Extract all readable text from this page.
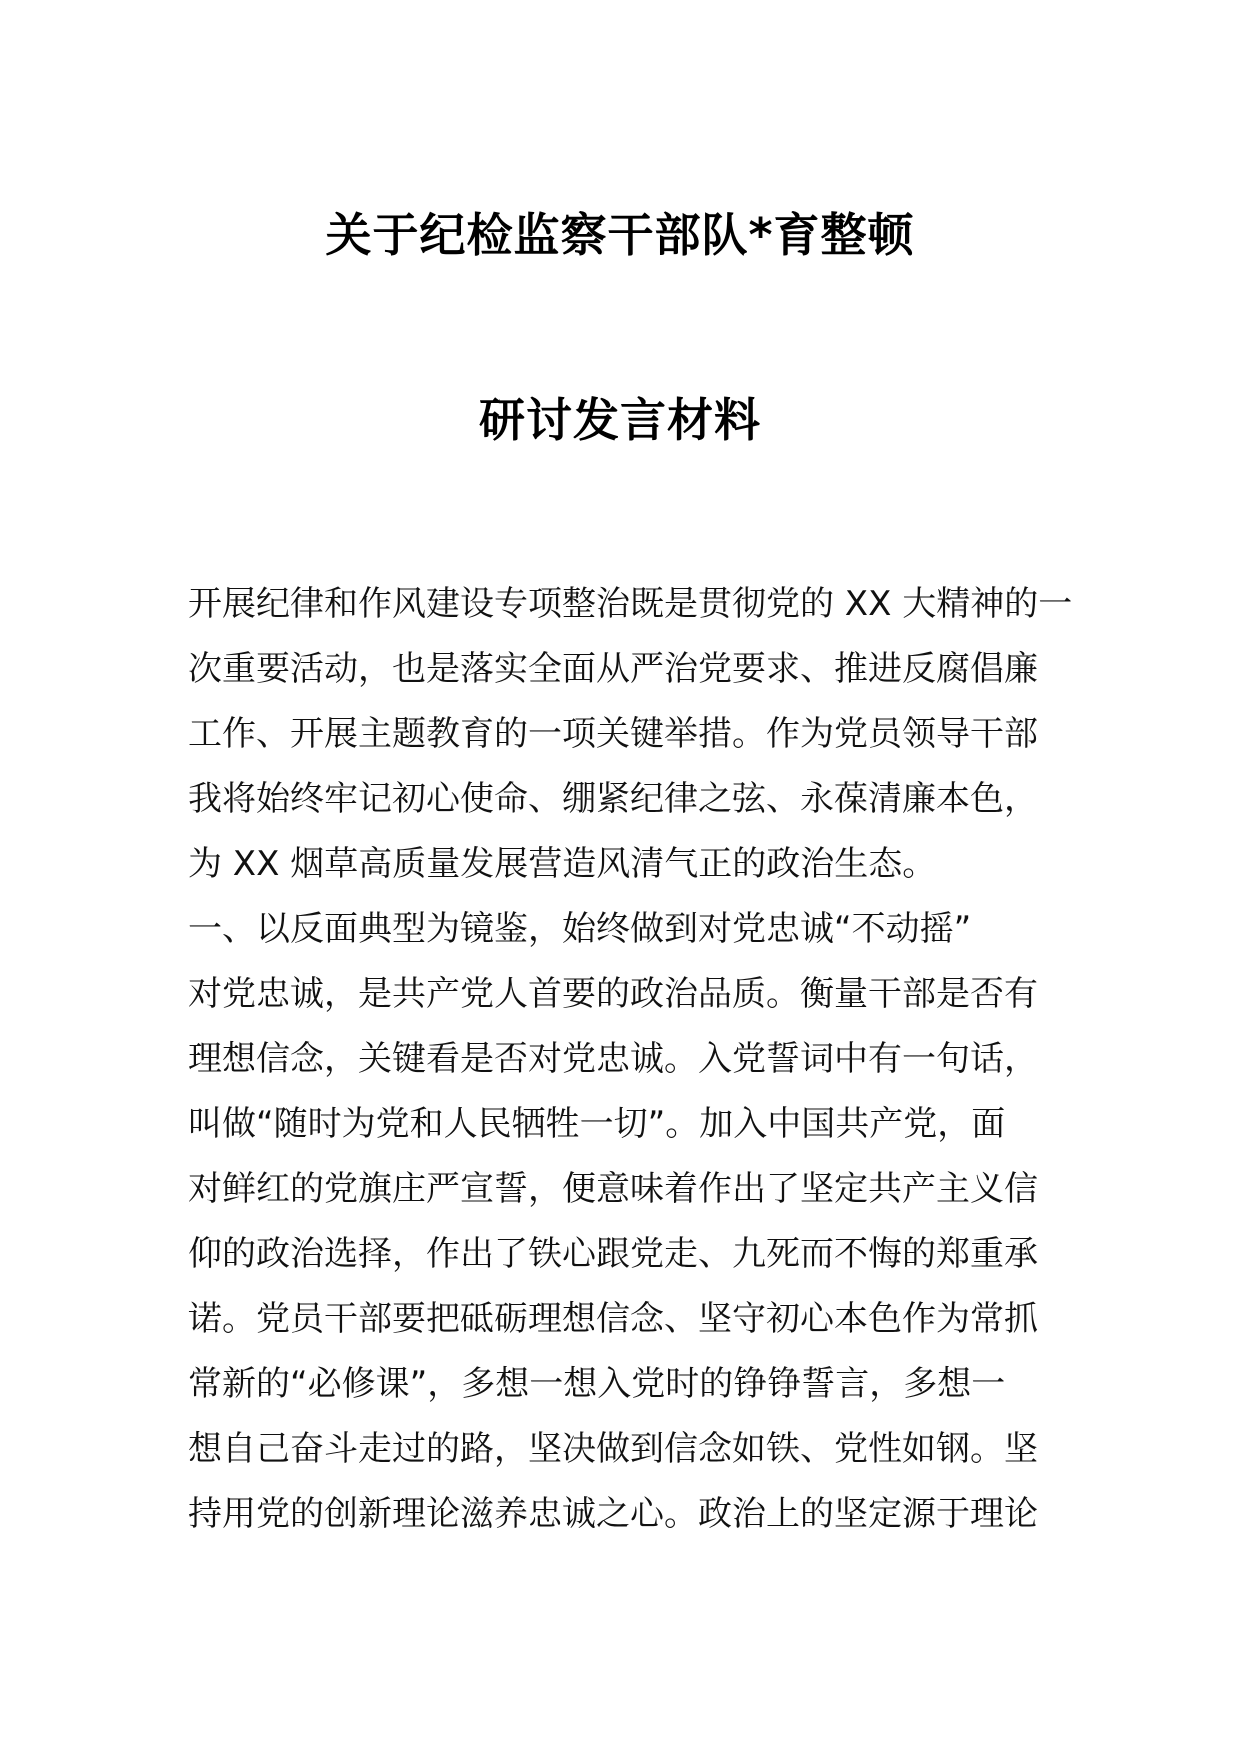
关于纪检监察干部队*育整顿
研讨发言材料
开展纪律和作风建设专项整治既是贯彻党的 XX 大精神的一
次重要活动，也是落实全面从严治党要求、推进反腐倡廉
工作、开展主题教育的一项关键举措。作为党员领导干部
我将始终牢记初心使命、绷紧纪律之弦、永葆清廉本色，
为 XX 烟草高质量发展营造风清气正的政治生态。
一、以反面典型为镜鉴，始终做到对党忠诚“不动摇”
对党忠诚，是共产党人首要的政治品质。衡量干部是否有
理想信念，关键看是否对党忠诚。入党誓词中有一句话，
叫做“随时为党和人民牺牲一切”。加入中国共产党，面
对鲜红的党旗庄严宣誓，便意味着作出了坚定共产主义信
仰的政治选择，作出了铁心跟党走、九死而不悔的郑重承
诺。党员干部要把砥砺理想信念、坚守初心本色作为常抓
常新的“必修课”，多想一想入党时的铮铮誓言，多想一
想自己奋斗走过的路，坚决做到信念如铁、党性如钢。坚
持用党的创新理论滋养忠诚之心。政治上的坚定源于理论
